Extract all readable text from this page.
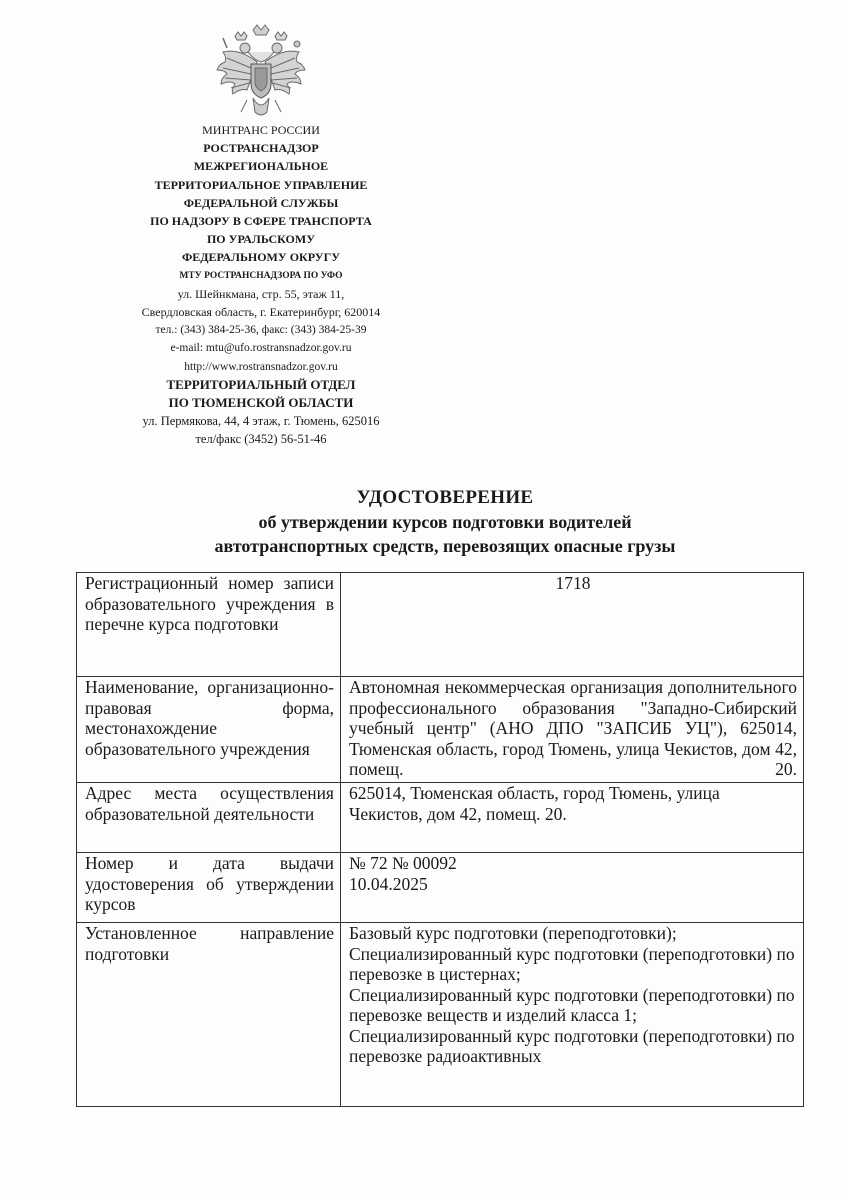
МИНТРАНС РОССИИ
РОСТРАНСНАДЗОР
МЕЖРЕГИОНАЛЬНОЕ
ТЕРРИТОРИАЛЬНОЕ УПРАВЛЕНИЕ
ФЕДЕРАЛЬНОЙ СЛУЖБЫ
ПО НАДЗОРУ В СФЕРЕ ТРАНСПОРТА
ПО УРАЛЬСКОМУ
ФЕДЕРАЛЬНОМУ ОКРУГУ
МТУ РОСТРАНСНАДЗОРА ПО УФО
ул. Шейнкмана, стр. 55, этаж 11,
Свердловская область, г. Екатеринбург, 620014
тел.: (343) 384-25-36, факс: (343) 384-25-39
e-mail: mtu@ufo.rostransnadzor.gov.ru
http://www.rostransnadzor.gov.ru
ТЕРРИТОРИАЛЬНЫЙ ОТДЕЛ
ПО ТЮМЕНСКОЙ ОБЛАСТИ
ул. Пермякова, 44, 4 этаж, г. Тюмень, 625016
тел/факс (3452) 56-51-46
УДОСТОВЕРЕНИЕ
об утверждении курсов подготовки водителей
автотранспортных средств, перевозящих опасные грузы
Регистрационный номер записи образовательного учреждения в перечне курса подготовки	1718
Наименование, организационно-правовая форма, местонахождение образовательного учреждения	Автономная некоммерческая организация дополнительного профессионального образования "Западно-Сибирский учебный центр" (АНО ДПО "ЗАПСИБ УЦ"), 625014, Тюменская область, город Тюмень, улица Чекистов, дом 42, помещ. 20.
Адрес места осуществления образовательной деятельности	625014, Тюменская область, город Тюмень, улица Чекистов, дом 42, помещ. 20.
Номер и дата выдачи удостоверения об утверждении курсов	№ 72 № 00092
10.04.2025

Установленное направление подготовки	Базовый курс подготовки (переподготовки);
Специализированный курс подготовки (переподготовки) по перевозке в цистернах;
Специализированный курс подготовки (переподготовки) по перевозке веществ и изделий класса 1;
Специализированный курс подготовки (переподготовки) по перевозке радиоактивных
